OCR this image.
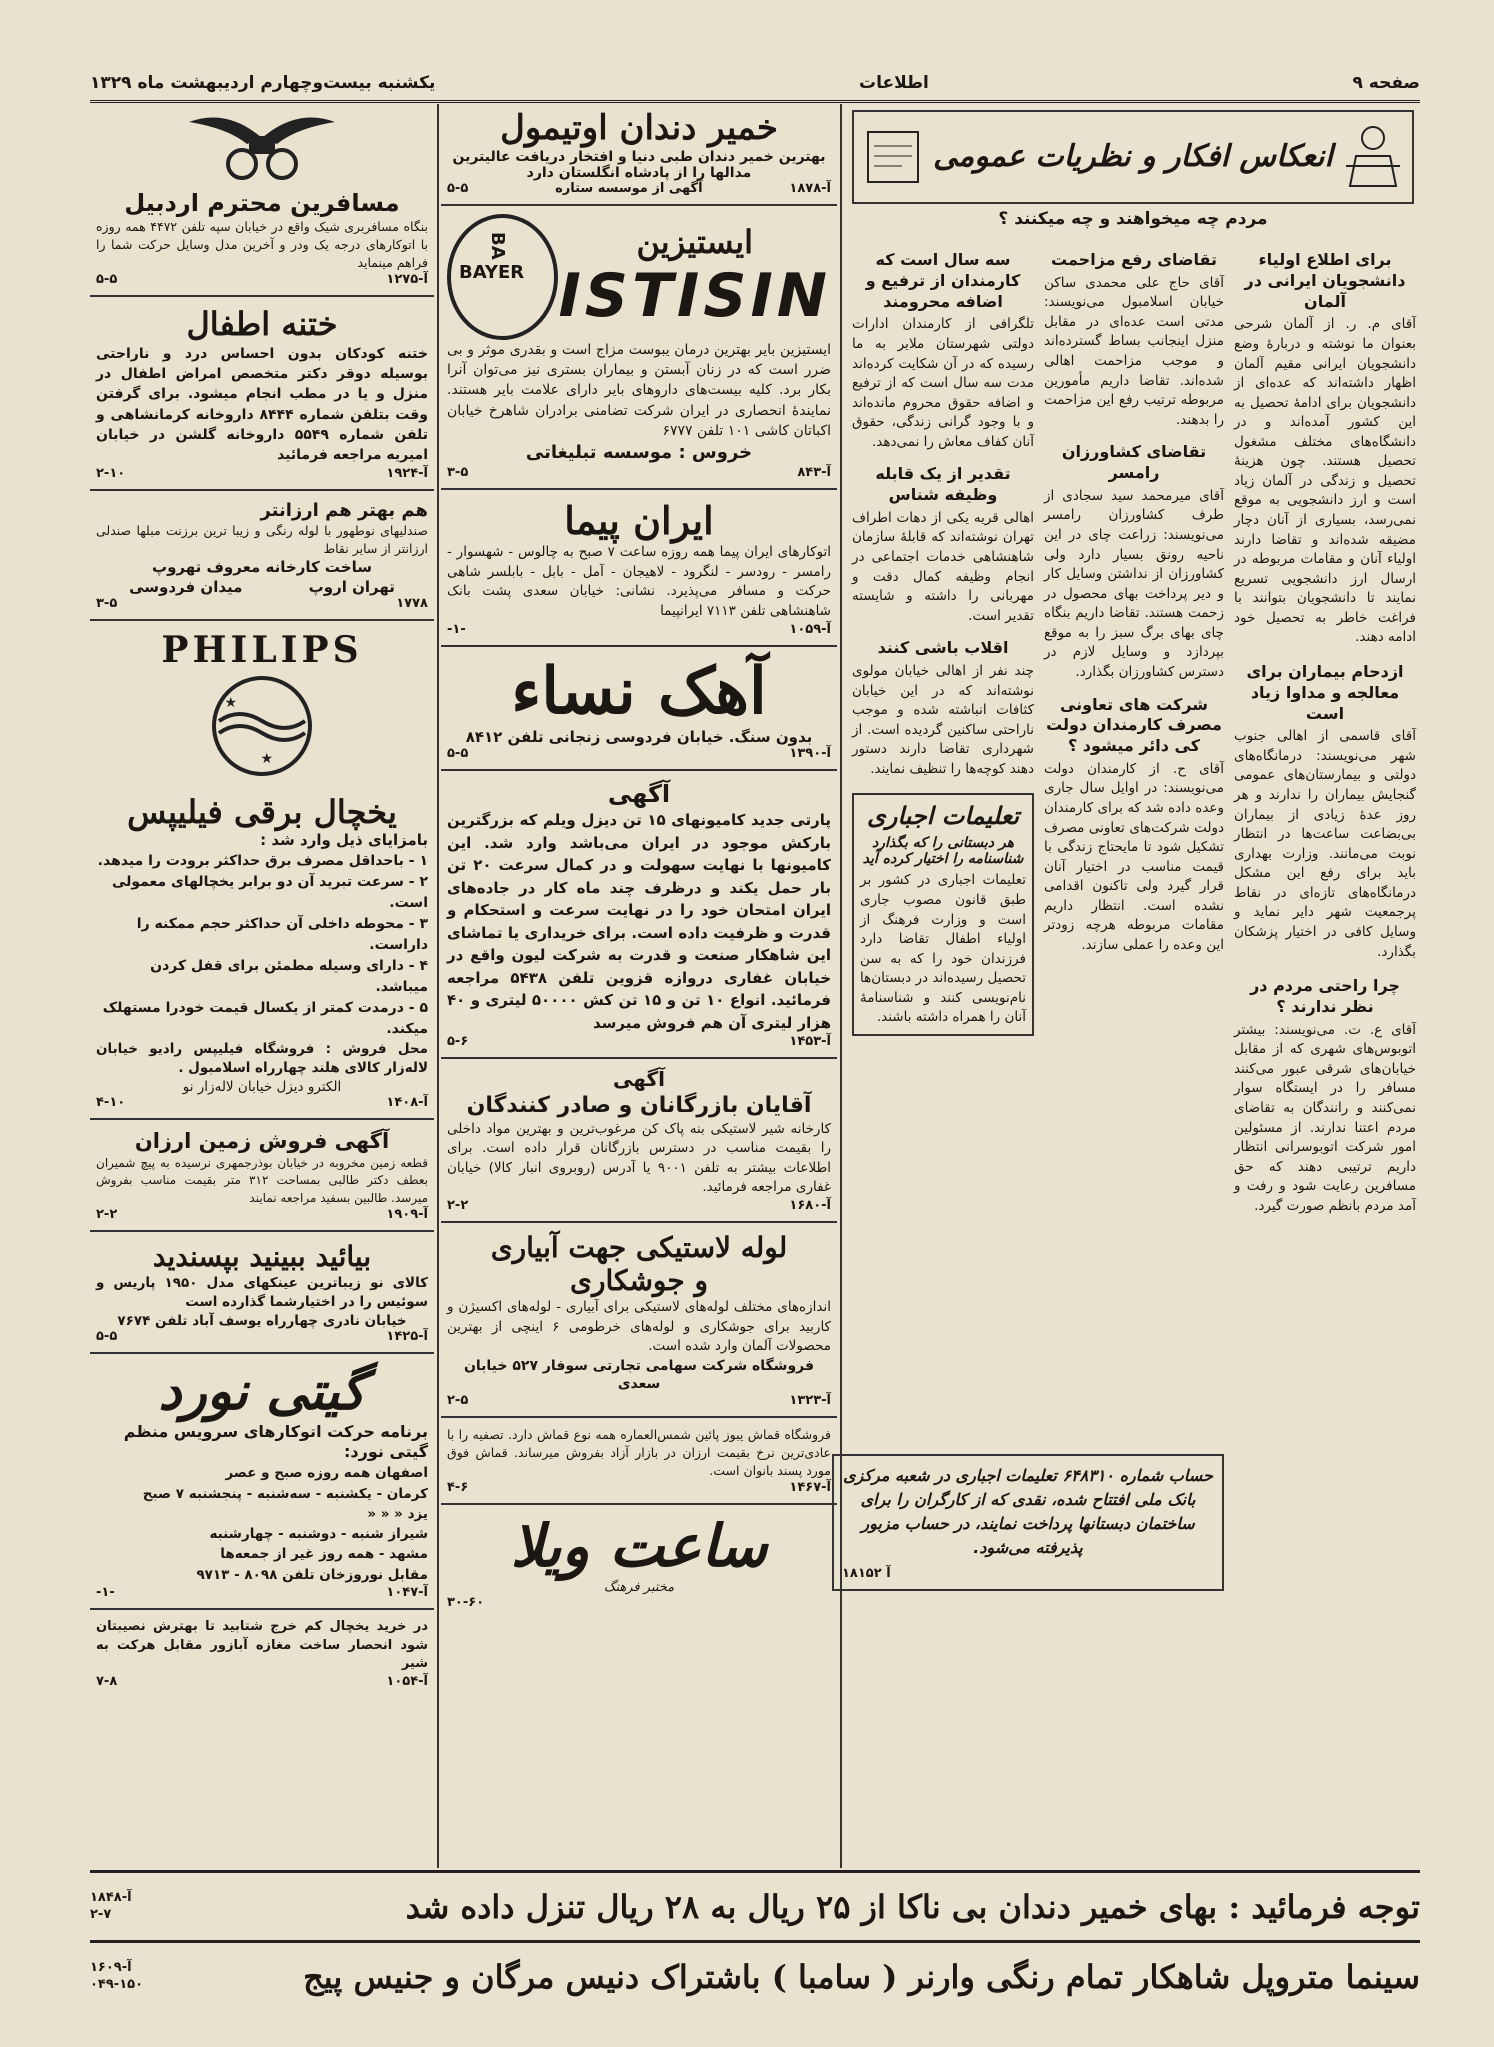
صفحه ۹
اطلاعات
یکشنبه بیست‌وچهارم اردیبهشت ماه ۱۳۲۹
انعکاس افکار و نظریات عمومی
مردم چه میخواهند و چه میکنند ؟
برای اطلاع اولیاء دانشجویان ایرانی در آلمان
آقای م. ر. از آلمان شرحی بعنوان ما نوشته و دربارهٔ وضع دانشجویان ایرانی مقیم آلمان اظهار داشته‌اند که عده‌ای از دانشجویان برای ادامهٔ تحصیل به این کشور آمده‌اند و در دانشگاه‌های مختلف مشغول تحصیل هستند. چون هزینهٔ تحصیل و زندگی در آلمان زیاد است و ارز دانشجویی به موقع نمی‌رسد، بسیاری از آنان دچار مضیقه شده‌اند و تقاضا دارند اولیاء آنان و مقامات مربوطه در ارسال ارز دانشجویی تسریع نمایند تا دانشجویان بتوانند با فراغت خاطر به تحصیل خود ادامه دهند.
ازدحام بیماران برای معالجه و مداوا زیاد است
آقای قاسمی از اهالی جنوب شهر می‌نویسند: درمانگاه‌های دولتی و بیمارستان‌های عمومی گنجایش بیماران را ندارند و هر روز عدهٔ زیادی از بیماران بی‌بضاعت ساعت‌ها در انتظار نوبت می‌مانند. وزارت بهداری باید برای رفع این مشکل درمانگاه‌های تازه‌ای در نقاط پرجمعیت شهر دایر نماید و وسایل کافی در اختیار پزشکان بگذارد.
چرا راحتی مردم در نظر ندارند ؟
آقای ع. ت. می‌نویسند: بیشتر اتوبوس‌های شهری که از مقابل خیابان‌های شرقی عبور می‌کنند مسافر را در ایستگاه سوار نمی‌کنند و رانندگان به تقاضای مردم اعتنا ندارند. از مسئولین امور شرکت اتوبوسرانی انتظار داریم ترتیبی دهند که حق مسافرین رعایت شود و رفت و آمد مردم بانظم صورت گیرد.
تقاضای رفع مزاحمت
آقای حاج علی محمدی ساکن خیابان اسلامبول می‌نویسند: مدتی است عده‌ای در مقابل منزل اینجانب بساط گسترده‌اند و موجب مزاحمت اهالی شده‌اند. تقاضا داریم مأمورین مربوطه ترتیب رفع این مزاحمت را بدهند.
تقاضای کشاورزان رامسر
آقای میرمحمد سید سجادی از طرف کشاورزان رامسر می‌نویسند: زراعت چای در این ناحیه رونق بسیار دارد ولی کشاورزان از نداشتن وسایل کار و دیر پرداخت بهای محصول در زحمت هستند. تقاضا داریم بنگاه چای بهای برگ سبز را به موقع بپردازد و وسایل لازم در دسترس کشاورزان بگذارد.
شرکت های تعاونی مصرف کارمندان دولت کی دائر میشود ؟
آقای ح. از کارمندان دولت می‌نویسند: در اوایل سال جاری وعده داده شد که برای کارمندان دولت شرکت‌های تعاونی مصرف تشکیل شود تا مایحتاج زندگی با قیمت مناسب در اختیار آنان قرار گیرد ولی تاکنون اقدامی نشده است. انتظار داریم مقامات مربوطه هرچه زودتر این وعده را عملی سازند.
سه سال است که کارمندان از ترفیع و اضافه محرومند
تلگرافی از کارمندان ادارات دولتی شهرستان ملایر به ما رسیده که در آن شکایت کرده‌اند مدت سه سال است که از ترفیع و اضافه حقوق محروم مانده‌اند و با وجود گرانی زندگی، حقوق آنان کفاف معاش را نمی‌دهد.
تقدیر از یک قابله وظیفه شناس
اهالی قریه یکی از دهات اطراف تهران نوشته‌اند که قابلهٔ سازمان شاهنشاهی خدمات اجتماعی در انجام وظیفه کمال دقت و مهربانی را داشته و شایسته تقدیر است.
اقلاب باشی کنند
چند نفر از اهالی خیابان مولوی نوشته‌اند که در این خیابان کثافات انباشته شده و موجب ناراحتی ساکنین گردیده است. از شهرداری تقاضا دارند دستور دهند کوچه‌ها را تنظیف نمایند.
تعلیمات اجباری
هر دبستانی را که بگذارد شناسنامه را اختیار کرده آید
تعلیمات اجباری در کشور بر طبق قانون مصوب جاری است و وزارت فرهنگ از اولیاء اطفال تقاضا دارد فرزندان خود را که به سن تحصیل رسیده‌اند در دبستان‌ها نام‌نویسی کنند و شناسنامهٔ آنان را همراه داشته باشند.
حساب شماره ۶۴۸۳۱۰ تعلیمات اجباری در شعبه مرکزی بانک ملی افتتاح شده، نقدی که از کارگران را برای ساختمان دبستانها پرداخت نمایند، در حساب مزبور پذیرفته می‌شود.
۱۸۱۵۲ آ
خمیر دندان اوتیمول
بهترین خمیر دندان طبی دنیا و افتخار دریافت عالیترین
مدالها را از پادشاه انگلستان دارد
۵-۵	آگهی از موسسه ستاره	آ-۱۸۷۸
ایستیزین
ISTISIN
BA
BAYER
ایستیزین بایر بهترین درمان یبوست مزاج است و بقدری موثر و بی ضرر است که در زنان آبستن و بیماران بستری نیز می‌توان آنرا بکار برد. کلیه بیست‌های داروهای بایر دارای علامت بایر هستند. نمایندهٔ انحصاری در ایران شرکت تضامنی برادران شاهرخ خیابان اکباتان کاشی ۱۰۱ تلفن ۶۷۷۷
خروس : موسسه تبلیغاتی
۳-۵	آ-۸۴۳
ایران پیما
اتوکارهای ایران پیما همه روزه ساعت ۷ صبح به چالوس - شهسوار - رامسر - رودسر - لنگرود - لاهیجان - آمل - بابل - بابلسر شاهی حرکت و مسافر می‌پذیرد. نشانی: خیابان سعدی پشت بانک شاهنشاهی تلفن ۷۱۱۳ ایرانپیما
-۱-	آ-۱۰۵۹
آهک نساء
بدون سنگ. خیابان فردوسی زنجانی تلفن ۸۴۱۲
۵-۵	آ-۱۳۹۰
آگهی
پارتی جدید کامیونهای ۱۵ تن دیزل ویلم که بزرگترین بارکش موجود در ایران می‌باشد وارد شد. این کامیونها با نهایت سهولت و در کمال سرعت ۲۰ تن بار حمل یکند و درظرف چند ماه کار در جاده‌های ایران امتحان خود را در نهایت سرعت و استحکام و قدرت و ظرفیت داده است. برای خریداری یا تماشای این شاهکار صنعت و قدرت به شرکت لیون واقع در خیابان غفاری دروازه قزوین تلفن ۵۴۳۸ مراجعه فرمائید. انواع ۱۰ تن و ۱۵ تن کش ۵۰۰۰۰ لیتری و ۴۰ هزار لیتری آن هم فروش میرسد
۵-۶	آ-۱۴۵۳
آگهی
آقایان بازرگانان و صادر کنندگان
کارخانه شیر لاستیکی بنه پاک کن مرغوب‌ترین و بهترین مواد داخلی را بقیمت مناسب در دسترس بازرگانان قرار داده است. برای اطلاعات بیشتر به تلفن ۹۰۰۱ یا آدرس (روبروی انبار کالا) خیابان غفاری مراجعه فرمائید.
۲-۲	آ-۱۶۸۰
لوله لاستیکی جهت آبیاری
و جوشکاری
اندازه‌های مختلف لوله‌های لاستیکی برای آبیاری - لوله‌های اکسیژن و کاربید برای جوشکاری و لوله‌های خرطومی ۶ اینچی از بهترین محصولات آلمان وارد شده است.
فروشگاه شرکت سهامی تجارتی سوفار ۵۲۷ خیابان سعدی
۲-۵	آ-۱۳۲۳
فروشگاه قماش یبوز پائین شمس‌العماره همه نوع قماش دارد. تصفیه را با عادی‌ترین نرخ بقیمت ارزان در بازار آزاد بفروش میرساند. قماش فوق مورد پسند بانوان است.
۴-۶	آ-۱۴۶۷
ساعت ویلا
مختبر فرهنگ
۳۰-۶۰
مسافرین محترم اردبیل
بنگاه مسافربری شیک واقع در خیابان سپه تلفن ۴۴۷۲ همه روزه با اتوکارهای درجه یک ودر و آخرین مدل وسایل حرکت شما را فراهم مینماید
۵-۵	آ-۱۲۷۵
ختنه اطفال
ختنه کودکان بدون احساس درد و ناراحتی بوسیله دوقر دکتر متخصص امراض اطفال در منزل و یا در مطب انجام میشود. برای گرفتن وقت بتلفن شماره ۸۴۴۴ داروخانه کرمانشاهی و تلفن شماره ۵۵۴۹ داروخانه گلشن در خیابان امیریه مراجعه فرمائید
۲-۱۰	آ-۱۹۲۴
هم بهتر هم ارزانتر
صندلیهای نوطهور با لوله رنگی و زیبا ترین برزنت مبلها صندلی ارزانتر از سایر نقاط
ساخت کارخانه معروف تهروپ
تهران اروپ
میدان فردوسی
۳-۵	۱۷۷۸
PHILIPS
★
★
یخچال برقی فیلیپس
بامزایای ذیل وارد شد :
۱ - باحداقل مصرف برق حداکثر برودت را میدهد.
۲ - سرعت تبرید آن دو برابر یخچالهای معمولی است.
۳ - محوطه داخلی آن حداکثر حجم ممکنه را داراست.
۴ - دارای وسیله مطمئن برای قفل کردن میباشد.
۵ - درمدت کمتر از یکسال قیمت خودرا مستهلک میکند.
محل فروش : فروشگاه فیلیپس رادیو خیابان لاله‌زار کالای هلند چهارراه اسلامبول .
الکترو دیزل خیابان لاله‌زار نو
۴-۱۰	آ-۱۴۰۸
آگهی فروش زمین ارزان
قطعه زمین مخروبه در خیابان بوذرجمهری نرسیده به پیچ شمیران بعطف دکتر طالبی بمساحت ۳۱۲ متر بقیمت مناسب بفروش میرسد. طالبین بسفید مراجعه نمایند
۲-۲	آ-۱۹۰۹
بیائید ببینید بپسندید
کالای نو زیباترین عینکهای مدل ۱۹۵۰ پاریس و سوئیس را در اختیارشما گذارده است
خیابان نادری چهارراه یوسف آباد تلفن ۷۶۷۴
۵-۵	آ-۱۴۲۵
گیتی نورد
برنامه حرکت اتوکارهای سرویس منظم گیتی نورد:
اصفهان همه روزه صبح و عصر
کرمان - یکشنبه - سه‌شنبه - پنجشنبه ۷ صبح
یزد « « «
شیراز شنبه - دوشنبه - چهارشنبه
مشهد - همه روز غیر از جمعه‌ها
مقابل نوروزخان تلفن ۸۰۹۸ - ۹۷۱۳
-۱-	آ-۱۰۴۷
در خرید یخچال کم خرج شتابید تا بهترش نصیبتان شود انحصار ساخت مغازه آبازور مقابل هرکت به شیر
۷-۸	آ-۱۰۵۴
آ-۱۸۴۸
۲-۷	توجه فرمائید : بهای خمیر دندان بی ناکا از ۲۵ ریال به ۲۸ ریال تنزل داده شد
آ-۱۶۰۹
۰۴۹-۱۵۰	سینما متروپل شاهکار تمام رنگی وارنر ( سامبا ) باشتراک دنیس مرگان و جنیس پیج
